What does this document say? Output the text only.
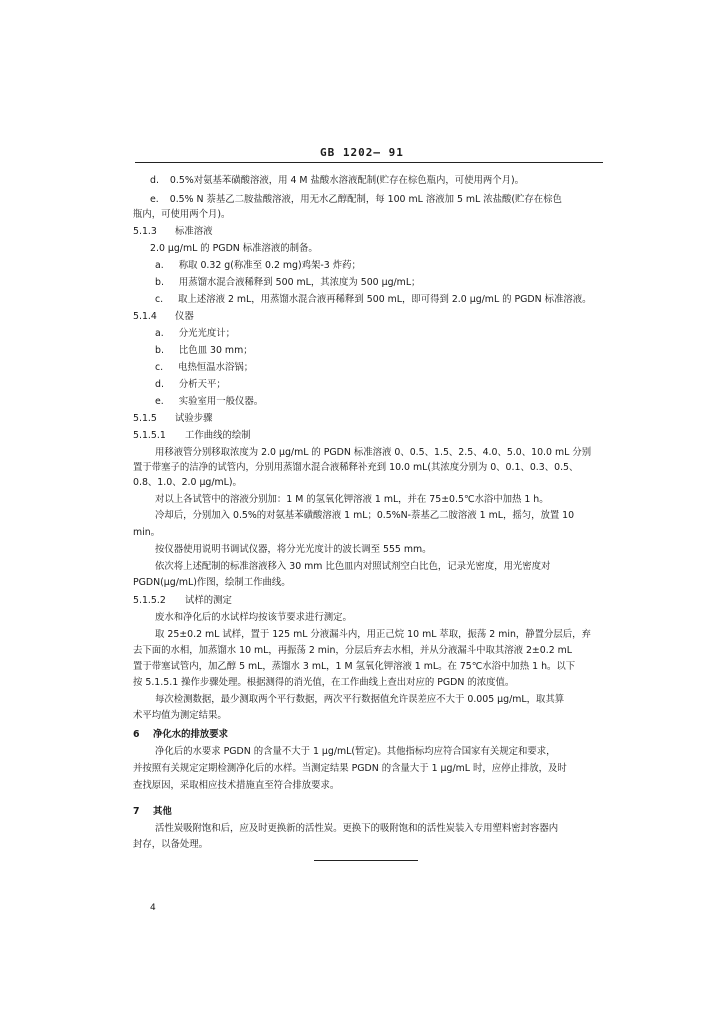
GB 1202— 91
d. 0.5%对氨基苯磺酸溶液，用 4 M 盐酸水溶液配制(贮存在棕色瓶内，可使用两个月)。
e. 0.5% N 萘基乙二胺盐酸溶液，用无水乙醇配制，每 100 mL 溶液加 5 mL 浓盐酸(贮存在棕色
瓶内，可使用两个月)。
5.1.3 标准溶液
2.0 μg/mL 的 PGDN 标准溶液的制备。
a. 称取 0.32 g(称准至 0.2 mg)鸡架-3 炸药；
b. 用蒸馏水混合液稀释到 500 mL，其浓度为 500 μg/mL；
c. 取上述溶液 2 mL，用蒸馏水混合液再稀释到 500 mL，即可得到 2.0 μg/mL 的 PGDN 标准溶液。
5.1.4 仪器
a. 分光光度计；
b. 比色皿 30 mm；
c. 电热恒温水浴锅；
d. 分析天平；
e. 实验室用一般仪器。
5.1.5 试验步骤
5.1.5.1 工作曲线的绘制
用移液管分别移取浓度为 2.0 μg/mL 的 PGDN 标准溶液 0、0.5、1.5、2.5、4.0、5.0、10.0 mL 分别
置于带塞子的洁净的试管内，分别用蒸馏水混合液稀释补充到 10.0 mL(其浓度分别为 0、0.1、0.3、0.5、
0.8、1.0、2.0 μg/mL)。
对以上各试管中的溶液分别加：1 M 的氢氧化钾溶液 1 mL，并在 75±0.5℃水浴中加热 1 h。
冷却后，分别加入 0.5%的对氨基苯磺酸溶液 1 mL；0.5%N-萘基乙二胺溶液 1 mL，摇匀，放置 10
min。
按仪器使用说明书调试仪器，将分光光度计的波长调至 555 mm。
依次将上述配制的标准溶液移入 30 mm 比色皿内对照试剂空白比色，记录光密度，用光密度对
PGDN(μg/mL)作图，绘制工作曲线。
5.1.5.2 试样的测定
废水和净化后的水试样均按该节要求进行测定。
取 25±0.2 mL 试样，置于 125 mL 分液漏斗内，用正己烷 10 mL 萃取，振荡 2 min，静置分层后，弃
去下面的水相，加蒸馏水 10 mL，再振荡 2 min，分层后弃去水相，并从分液漏斗中取其溶液 2±0.2 mL
置于带塞试管内，加乙醇 5 mL，蒸馏水 3 mL，1 M 氢氧化钾溶液 1 mL。在 75℃水浴中加热 1 h。以下
按 5.1.5.1 操作步骤处理。根据测得的消光值，在工作曲线上查出对应的 PGDN 的浓度值。
每次检测数据，最少测取两个平行数据，两次平行数据值允许误差应不大于 0.005 μg/mL，取其算
术平均值为测定结果。
6 净化水的排放要求
净化后的水要求 PGDN 的含量不大于 1 μg/mL(暂定)。其他指标均应符合国家有关规定和要求，
并按照有关规定定期检测净化后的水样。当测定结果 PGDN 的含量大于 1 μg/mL 时，应停止排放，及时
查找原因，采取相应技术措施直至符合排放要求。
7 其他
活性炭吸附饱和后，应及时更换新的活性炭。更换下的吸附饱和的活性炭装入专用塑料密封容器内
封存，以备处理。
4
